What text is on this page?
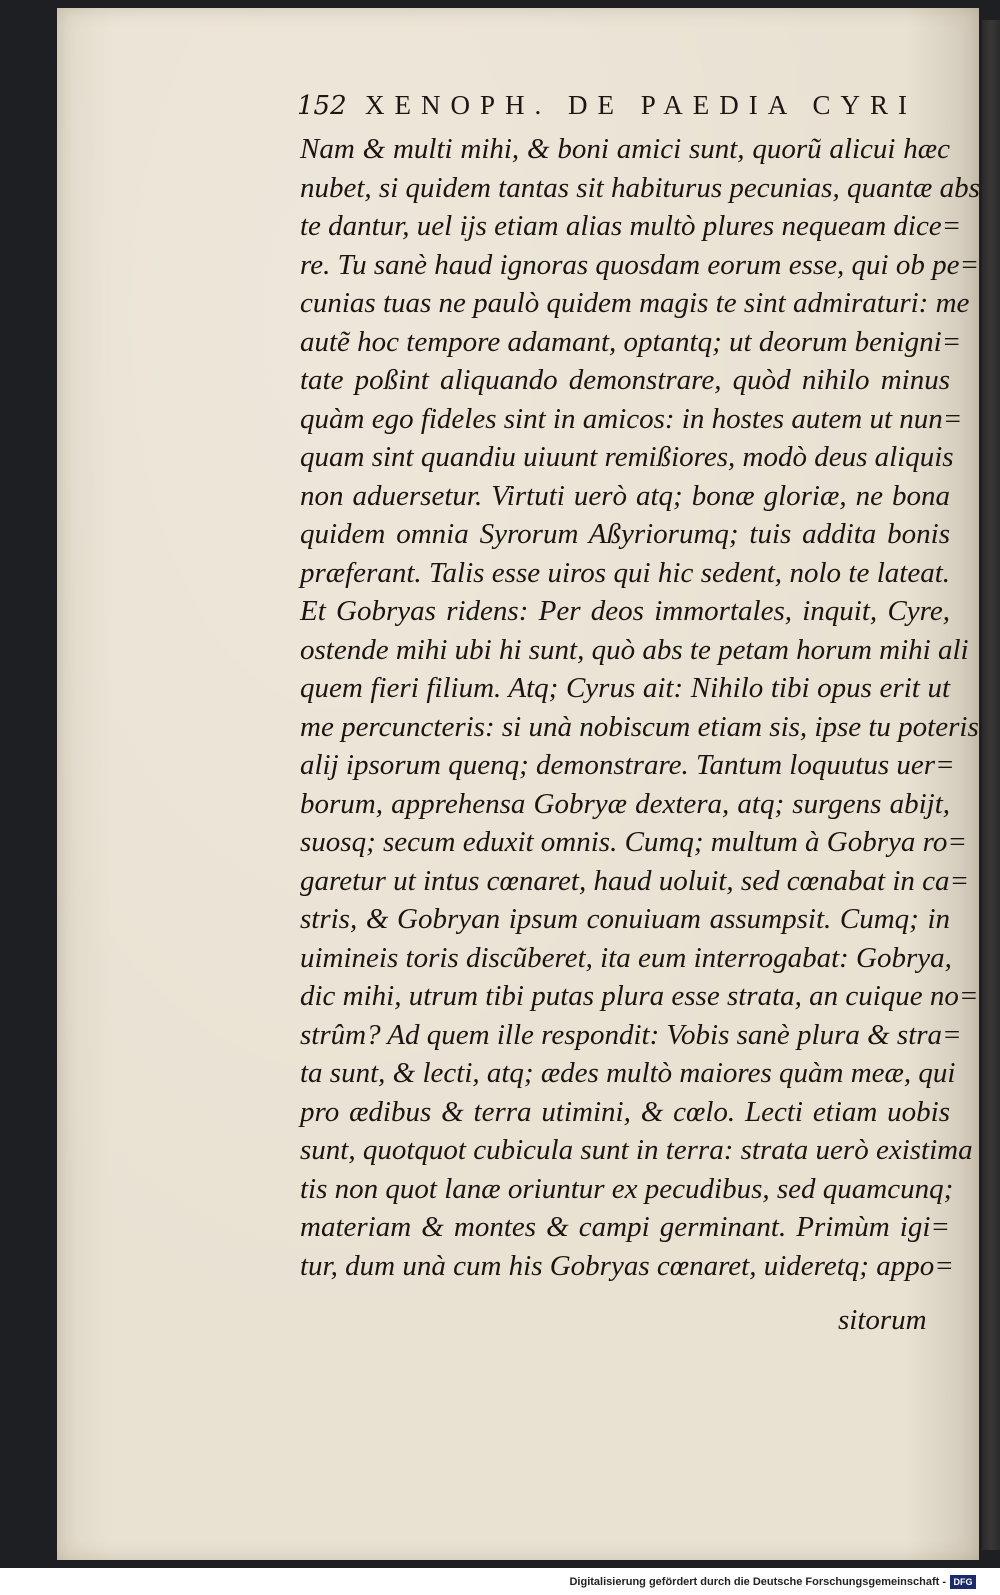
152 XENOPH. DE PAEDIA CYRI
Nam & multi mihi, & boni amici sunt, quorũ alicui hæc
nubet, si quidem tantas sit habiturus pecunias, quantæ abs
te dantur, uel ijs etiam alias multò plures nequeam dice=
re. Tu sanè haud ignoras quosdam eorum esse, qui ob pe=
cunias tuas ne paulò quidem magis te sint admiraturi: me
autẽ hoc tempore adamant, optantq; ut deorum benigni=
tate poßint aliquando demonstrare, quòd nihilo minus
quàm ego fideles sint in amicos: in hostes autem ut nun=
quam sint quandiu uiuunt remißiores, modò deus aliquis
non aduersetur. Virtuti uerò atq; bonæ gloriæ, ne bona
quidem omnia Syrorum Aßyriorumq; tuis addita bonis
præferant. Talis esse uiros qui hic sedent, nolo te lateat.
Et Gobryas ridens: Per deos immortales, inquit, Cyre,
ostende mihi ubi hi sunt, quò abs te petam horum mihi ali
quem fieri filium. Atq; Cyrus ait: Nihilo tibi opus erit ut
me percuncteris: si unà nobiscum etiam sis, ipse tu poteris
alij ipsorum quenq; demonstrare. Tantum loquutus uer=
borum, apprehensa Gobryæ dextera, atq; surgens abijt,
suosq; secum eduxit omnis. Cumq; multum à Gobrya ro=
garetur ut intus cœnaret, haud uoluit, sed cœnabat in ca=
stris, & Gobryan ipsum conuiuam assumpsit. Cumq; in
uimineis toris discũberet, ita eum interrogabat: Gobrya,
dic mihi, utrum tibi putas plura esse strata, an cuique no=
strûm? Ad quem ille respondit: Vobis sanè plura & stra=
ta sunt, & lecti, atq; ædes multò maiores quàm meæ, qui
pro ædibus & terra utimini, & cœlo. Lecti etiam uobis
sunt, quotquot cubicula sunt in terra: strata uerò existima
tis non quot lanæ oriuntur ex pecudibus, sed quamcunq;
materiam & montes & campi germinant. Primùm igi=
tur, dum unà cum his Gobryas cœnaret, uideretq; appo=
sitorum
Digitalisierung gefördert durch die Deutsche Forschungsgemeinschaft - DFG
